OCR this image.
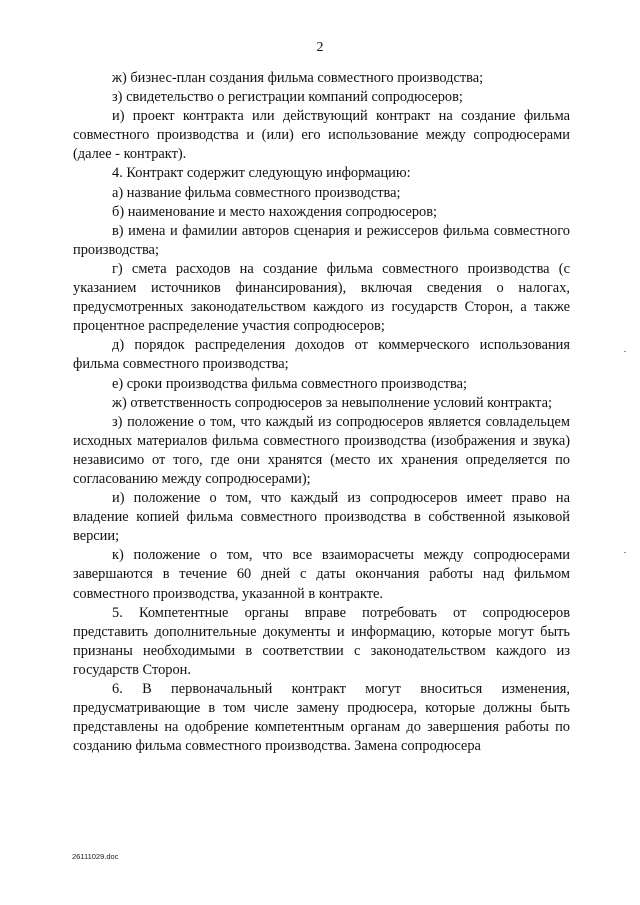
2

ж) бизнес-план создания фильма совместного производства;

з) свидетельство о регистрации компаний сопродюсеров;

и) проект контракта или действующий контракт на создание фильма совместного производства и (или) его использование между сопродюсерами (далее - контракт).

4. Контракт содержит следующую информацию:

а) название фильма совместного производства;

б) наименование и место нахождения сопродюсеров;

в) имена и фамилии авторов сценария и режиссеров фильма совместного производства;

г) смета расходов на создание фильма совместного производства (с указанием источников финансирования), включая сведения о налогах, предусмотренных законодательством каждого из государств Сторон, а также процентное распределение участия сопродюсеров;

д) порядок распределения доходов от коммерческого использования фильма совместного производства;

е) сроки производства фильма совместного производства;

ж) ответственность сопродюсеров за невыполнение условий контракта;

з) положение о том, что каждый из сопродюсеров является совладельцем исходных материалов фильма совместного производства (изображения и звука) независимо от того, где они хранятся (место их хранения определяется по согласованию между сопродюсерами);

и) положение о том, что каждый из сопродюсеров имеет право на владение копией фильма совместного производства в собственной языковой версии;

к) положение о том, что все взаиморасчеты между сопродюсерами завершаются в течение 60 дней с даты окончания работы над фильмом совместного производства, указанной в контракте.

5. Компетентные органы вправе потребовать от сопродюсеров представить дополнительные документы и информацию, которые могут быть признаны необходимыми в соответствии с законодательством каждого из государств Сторон.

6. В первоначальный контракт могут вноситься изменения, предусматривающие в том числе замену продюсера, которые должны быть представлены на одобрение компетентным органам до завершения работы по созданию фильма совместного производства. Замена сопродюсера

26111029.doc
